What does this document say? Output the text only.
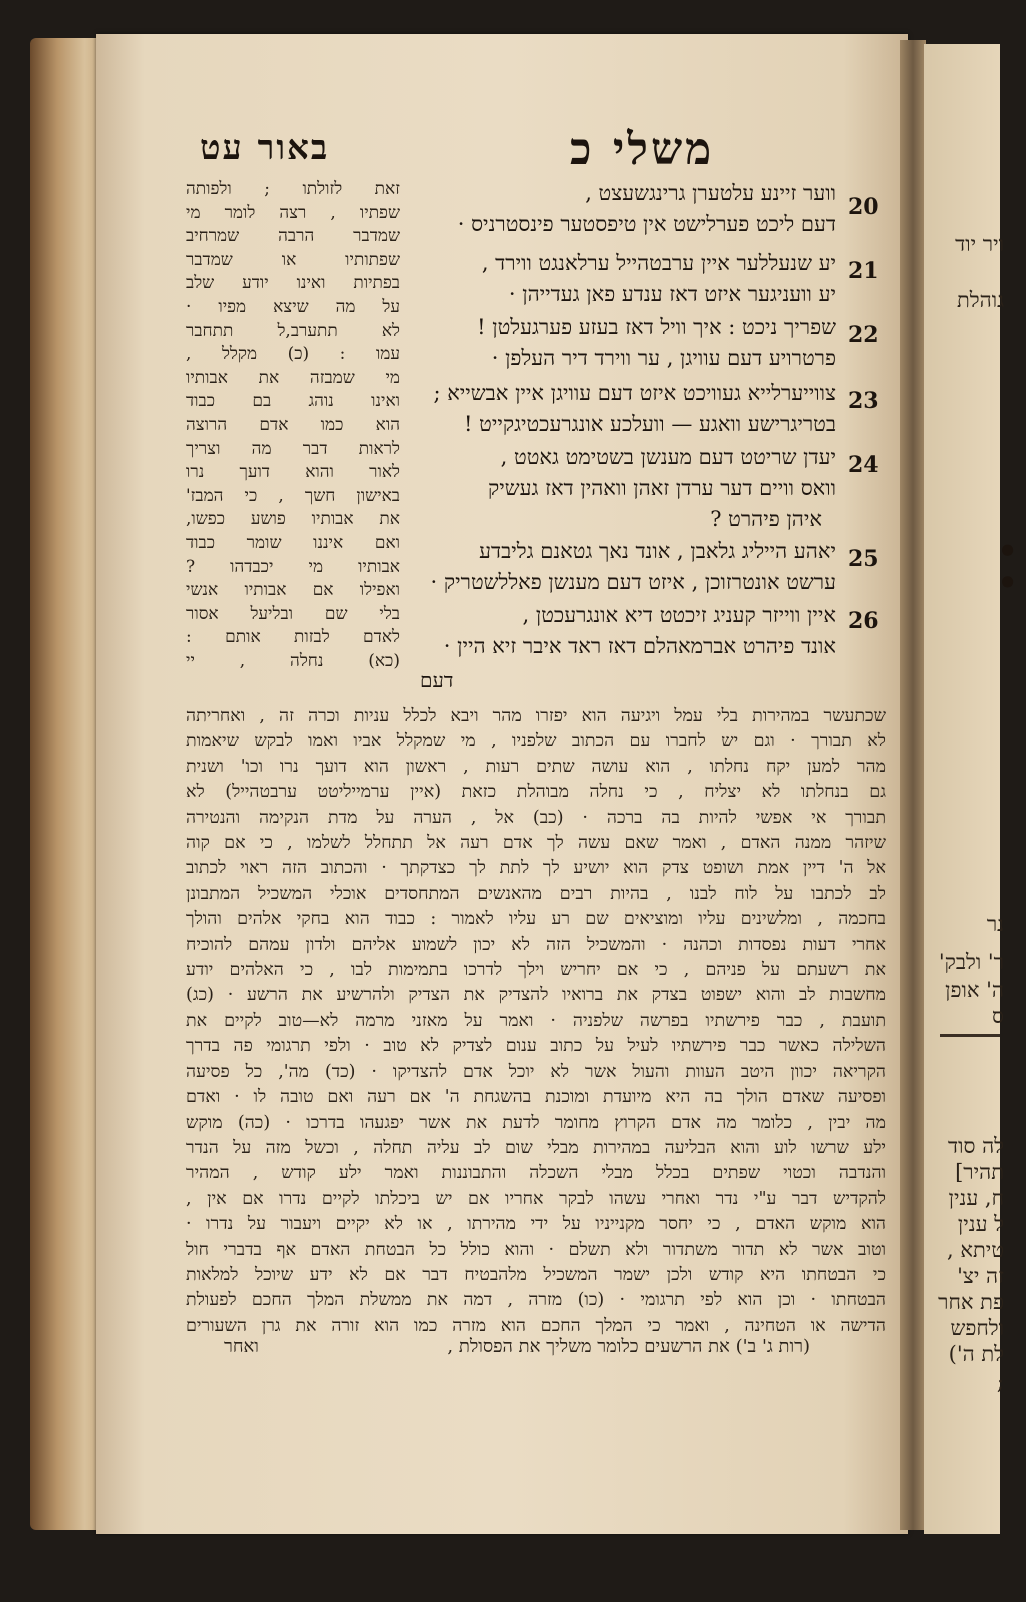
ויר יוד
גוהלת
נר
ר' ולבק'
ה' אופן
ס
לה סוד
תהיר]
ח, ענין
ל ענין
טיתא ,
זה יצ'
פת אחר
ולחפש
לת ה')
;
• •
משלי כ
באור עט
זאת לזולתו ; ולפותה
שפתיו , רצה לומר מי
שמדבר הרבה שמרחיב
שפתותיו או שמדבר
בפתיות ואינו יודע שלב
על מה שיצא מפיו ·
לא תתערב,ל תתחבר
עמו : (כ) מקלל ,
מי שמבזה את אבותיו
ואינו נוהג בם כבוד
הוא כמו אדם הרוצה
לראות דבר מה וצריך
לאור והוא דועך נרו
באישון חשך , כי המבז'
את אבותיו פושע כפשו,
ואם איננו שומר כבוד
אבותיו מי יכבדהו ?
ואפילו אם אבותיו אנשי
בלי שם ובליעל אסור
לאדם לבזות אותם :
(כא) נחלה , יי
20
ווער זיינע עלטערן גרינגשעצט ,
דעם ליכט פערלישט אין טיפסטער פינסטרניס ·
21
יע שנעללער איין ערבטהייל ערלאנגט ווירד ,
יע וועניגער איזט דאז ענדע פאן געדייהן ·
22
שפריך ניכט : איך וויל דאז בעזע פערגעלטן !
פרטרויע דעם עוויגן , ער ווירד דיר העלפן ·
23
צווייערלייא געוויכט איזט דעם עוויגן איין אבשייא ;
בטריגרישע וואגע — וועלכע אונגרעכטיגקייט !
24
יעדן שריטט דעם מענשן בשטימט גאטט ,
וואס וויים דער ערדן זאהן וואהין דאז געשיק
איהן פיהרט ?
25
יאהע הייליג גלאבן , אונד נאך גטאנם גליבדע
ערשט אונטרזוכן , איזט דעם מענשן פאללשטריק ·
26
איין ווייזר קעניג זיכטט דיא אונגרעכטן ,
אונד פיהרט אברמאהלם דאז ראד איבר זיא היין ·
דעם
שכתעשר במהירות בלי עמל ויגיעה הוא יפזרו מהר ויבא לכלל עניות וכרה זה , ואחריתה
לא תבורך · וגם יש לחברו עם הכתוב שלפניו , מי שמקלל אביו ואמו לבקש שיאמות
מהר למען יקח נחלתו , הוא עושה שתים רעות , ראשון הוא דועך נרו וכו' ושנית
גם בנחלתו לא יצליח , כי נחלה מבוהלת כזאת (איין ערמייליטט ערבטהייל) לא
תבורך אי אפשי להיות בה ברכה · (כב) אל , הערה על מדת הנקימה והנטירה
שיזהר ממנה האדם , ואמר שאם עשה לך אדם רעה אל תתחלל לשלמו , כי אם קוה
אל ה' דיין אמת ושופט צדק הוא יושיע לך לתת לך כצדקתך · והכתוב הזה ראוי לכתוב
לב לכתבו על לוח לבנו , בהיות רבים מהאנשים המתחסדים אוכלי המשכיל המתבונן
בחכמה , ומלשינים עליו ומוציאים שם רע עליו לאמור : כבוד הוא בחקי אלהים והולך
אחרי דעות נפסדות וכהנה · והמשכיל הזה לא יכון לשמוע אליהם ולדון עמהם להוכיח
את רשעתם על פניהם , כי אם יחריש וילך לדרכו בתמימות לבו , כי האלהים יודע
מחשבות לב והוא ישפוט בצדק את ברואיו להצדיק את הצדיק ולהרשיע את הרשע · (כג)
תועבת , כבר פירשתיו בפרשה שלפניה · ואמר על מאזני מרמה לא—טוב לקיים את
השלילה כאשר כבר פירשתיו לעיל על כתוב ענום לצדיק לא טוב · ולפי תרגומי פה בדרך
הקריאה יכוון היטב העוות והעול אשר לא יוכל אדם להצדיקו · (כד) מה', כל פסיעה
ופסיעה שאדם הולך בה היא מיועדת ומוכנת בהשגחת ה' אם רעה ואם טובה לו · ואדם
מה יבין , כלומר מה אדם הקרוץ מחומר לדעת את אשר יפגעהו בדרכו · (כה) מוקש
ילע שרשו לוע והוא הבליעה במהירות מבלי שום לב עליה תחלה , וכשל מזה על הנדר
והנדבה וכטוי שפתים בכלל מבלי השכלה והתבוננות ואמר ילע קודש , המהיר
להקדיש דבר ע"י נדר ואחרי עשהו לבקר אחריו אם יש ביכלתו לקיים נדרו אם אין ,
הוא מוקש האדם , כי יחסר מקנייניו על ידי מהירתו , או לא יקיים ויעבור על נדרו ·
וטוב אשר לא תדור משתדור ולא תשלם · והוא כולל כל הבטחת האדם אף בדברי חול
כי הבטחתו היא קודש ולכן ישמר המשכיל מלהבטיח דבר אם לא ידע שיוכל למלאות
הבטחתו · וכן הוא לפי תרגומי · (כו) מזרה , דמה את ממשלת המלך החכם לפעולת
הדישה או הטחינה , ואמר כי המלך החכם הוא מזרה כמו הוא זורה את גרן השעורים
(רות ג' ב') את הרשעים כלומר משליך את הפסולת ,
ואחר
